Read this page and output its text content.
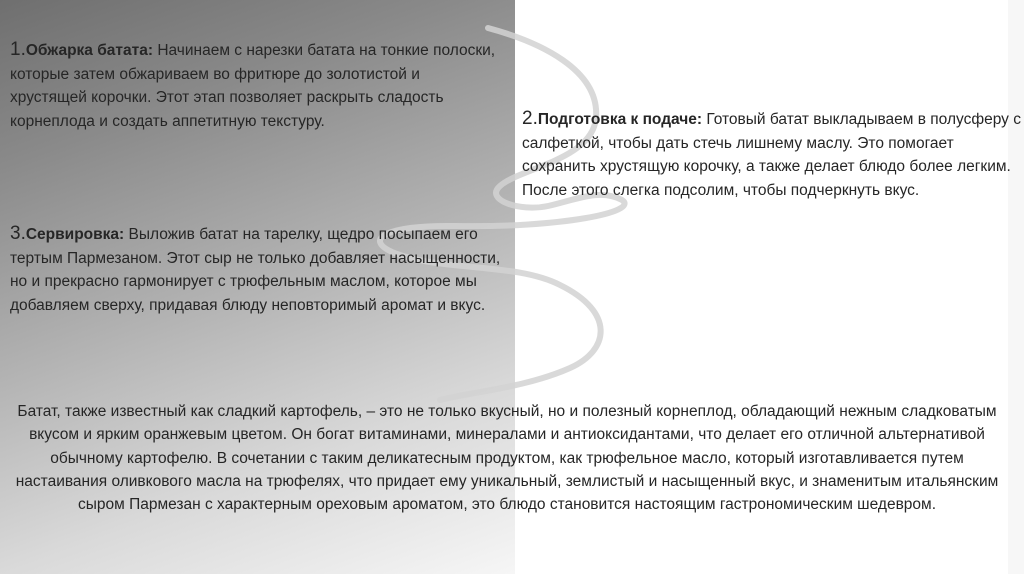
1.Обжарка батата: Начинаем с нарезки батата на тонкие полоски, которые затем обжариваем во фритюре до золотистой и хрустящей корочки. Этот этап позволяет раскрыть сладость корнеплода и создать аппетитную текстуру.	2.Подготовка к подаче: Готовый батат выкладываем в полусферу с салфеткой, чтобы дать стечь лишнему маслу. Это помогает сохранить хрустящую корочку, а также делает блюдо более легким. После этого слегка подсолим, чтобы подчеркнуть вкус.
3.Сервировка: Выложив батат на тарелку, щедро посыпаем его тертым Пармезаном. Этот сыр не только добавляет насыщенности, но и прекрасно гармонирует с трюфельным маслом, которое мы добавляем сверху, придавая блюду неповторимый аромат и вкус.
Батат, также известный как сладкий картофель, – это не только вкусный, но и полезный корнеплод, обладающий нежным сладковатым вкусом и ярким оранжевым цветом. Он богат витаминами, минералами и антиоксидантами, что делает его отличной альтернативой обычному картофелю. В сочетании с таким деликатесным продуктом, как трюфельное масло, который изготавливается путем настаивания оливкового масла на трюфелях, что придает ему уникальный, землистый и насыщенный вкус, и знаменитым итальянским сыром Пармезан с характерным ореховым ароматом, это блюдо становится настоящим гастрономическим шедевром.
